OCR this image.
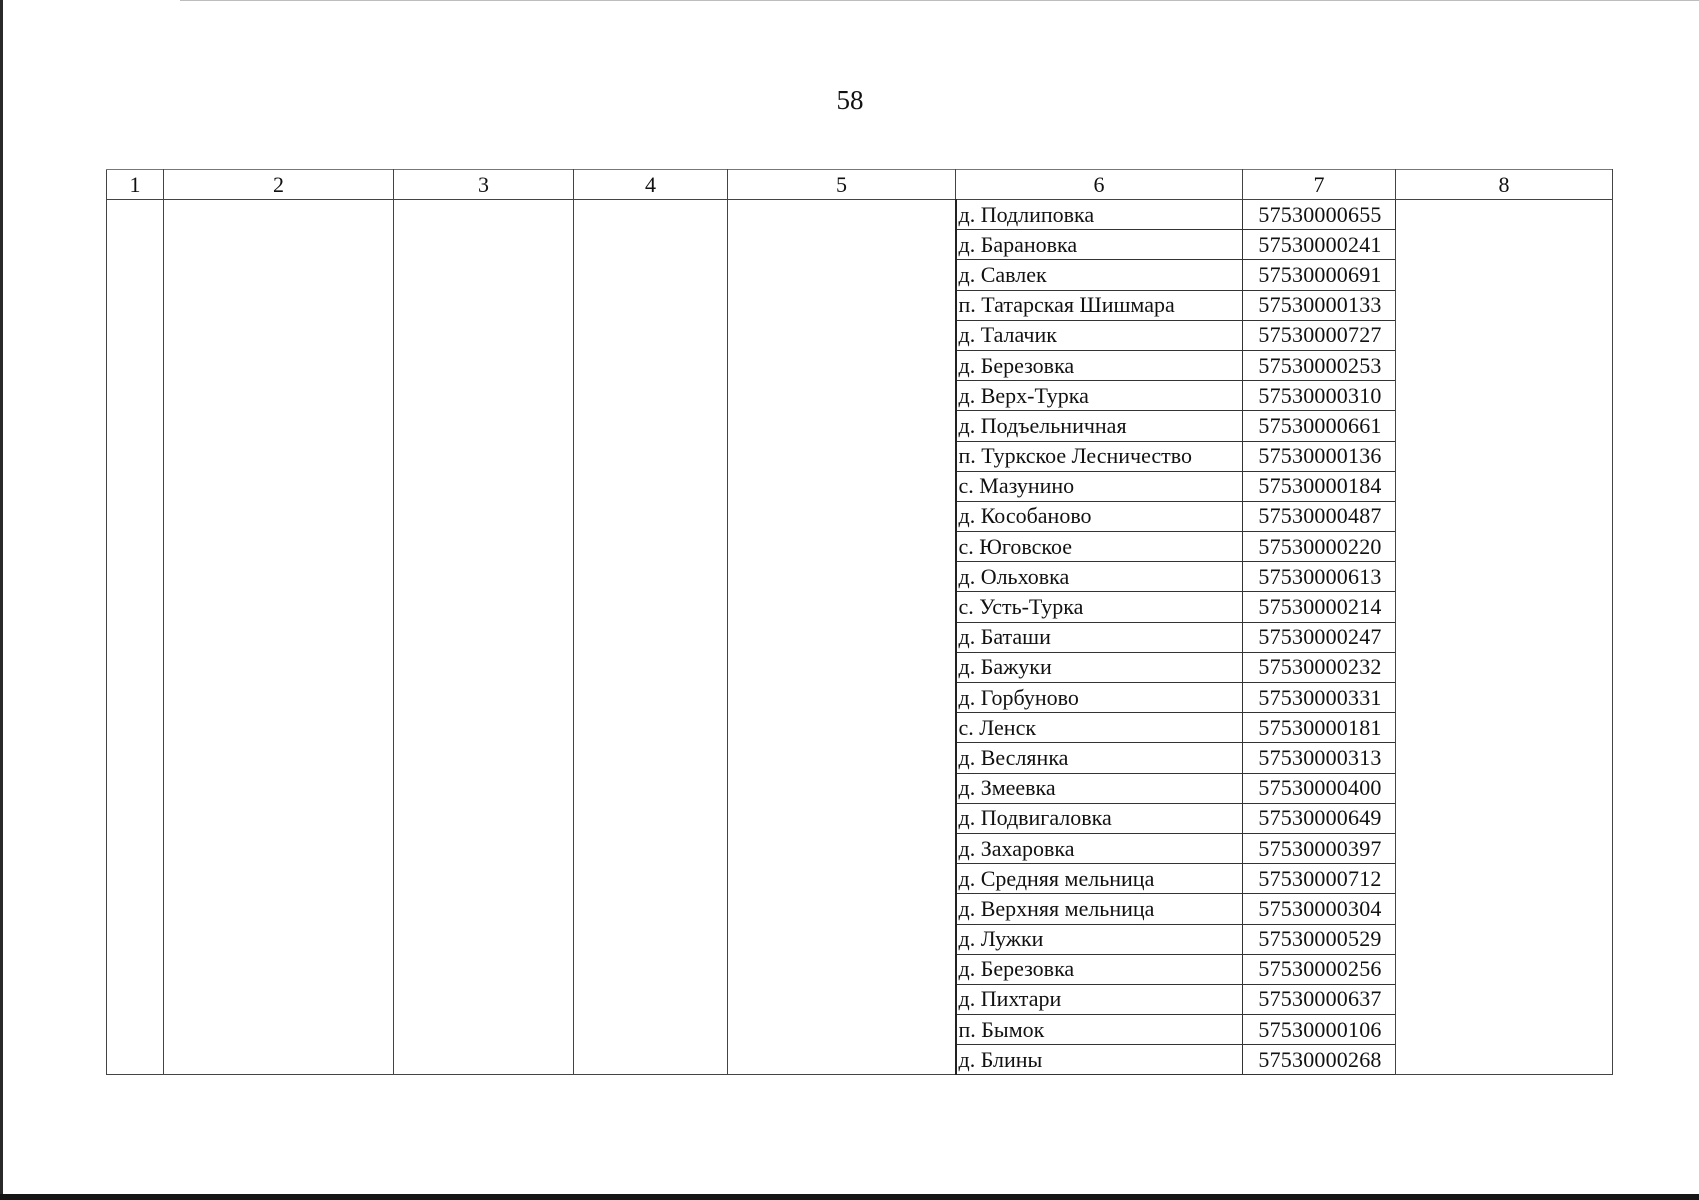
58
1	2	3	4	5	6	7	8
					д. Подлиповка	57530000655	
					д. Барановка	57530000241	
					д. Савлек	57530000691	
					п. Татарская Шишмара	57530000133	
					д. Талачик	57530000727	
					д. Березовка	57530000253	
					д. Верх-Турка	57530000310	
					д. Подъельничная	57530000661	
					п. Туркское Лесничество	57530000136	
					с. Мазунино	57530000184	
					д. Кособаново	57530000487	
					с. Юговское	57530000220	
					д. Ольховка	57530000613	
					с. Усть-Турка	57530000214	
					д. Баташи	57530000247	
					д. Бажуки	57530000232	
					д. Горбуново	57530000331	
					с. Ленск	57530000181	
					д. Веслянка	57530000313	
					д. Змеевка	57530000400	
					д. Подвигаловка	57530000649	
					д. Захаровка	57530000397	
					д. Средняя мельница	57530000712	
					д. Верхняя мельница	57530000304	
					д. Лужки	57530000529	
					д. Березовка	57530000256	
					д. Пихтари	57530000637	
					п. Бымок	57530000106	
					д. Блины	57530000268	
